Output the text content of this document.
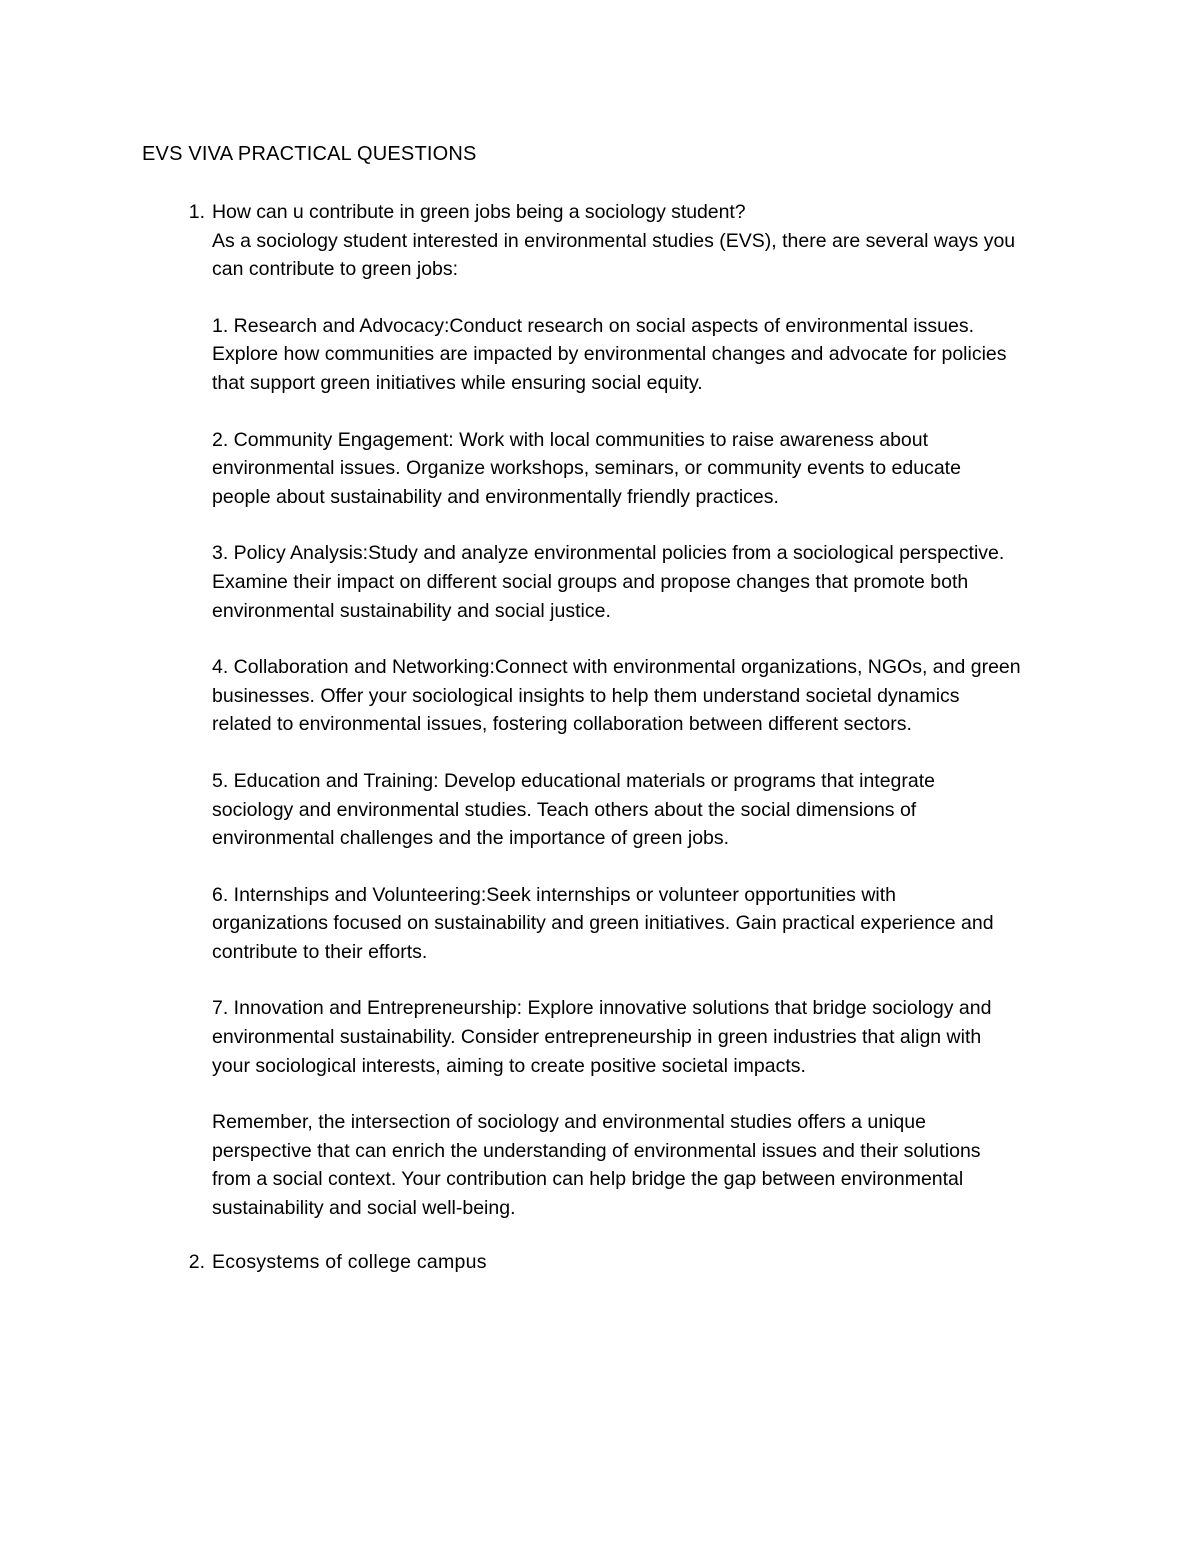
EVS VIVA PRACTICAL QUESTIONS
1. How can u contribute in green jobs being a sociology student?
As a sociology student interested in environmental studies (EVS), there are several ways you
can contribute to green jobs:
1. Research and Advocacy:Conduct research on social aspects of environmental issues.
Explore how communities are impacted by environmental changes and advocate for policies
that support green initiatives while ensuring social equity.
2. Community Engagement: Work with local communities to raise awareness about
environmental issues. Organize workshops, seminars, or community events to educate
people about sustainability and environmentally friendly practices.
3. Policy Analysis:Study and analyze environmental policies from a sociological perspective.
Examine their impact on different social groups and propose changes that promote both
environmental sustainability and social justice.
4. Collaboration and Networking:Connect with environmental organizations, NGOs, and green
businesses. Offer your sociological insights to help them understand societal dynamics
related to environmental issues, fostering collaboration between different sectors.
5. Education and Training: Develop educational materials or programs that integrate
sociology and environmental studies. Teach others about the social dimensions of
environmental challenges and the importance of green jobs.
6. Internships and Volunteering:Seek internships or volunteer opportunities with
organizations focused on sustainability and green initiatives. Gain practical experience and
contribute to their efforts.
7. Innovation and Entrepreneurship: Explore innovative solutions that bridge sociology and
environmental sustainability. Consider entrepreneurship in green industries that align with
your sociological interests, aiming to create positive societal impacts.
Remember, the intersection of sociology and environmental studies offers a unique
perspective that can enrich the understanding of environmental issues and their solutions
from a social context. Your contribution can help bridge the gap between environmental
sustainability and social well-being.
2. Ecosystems of college campus
